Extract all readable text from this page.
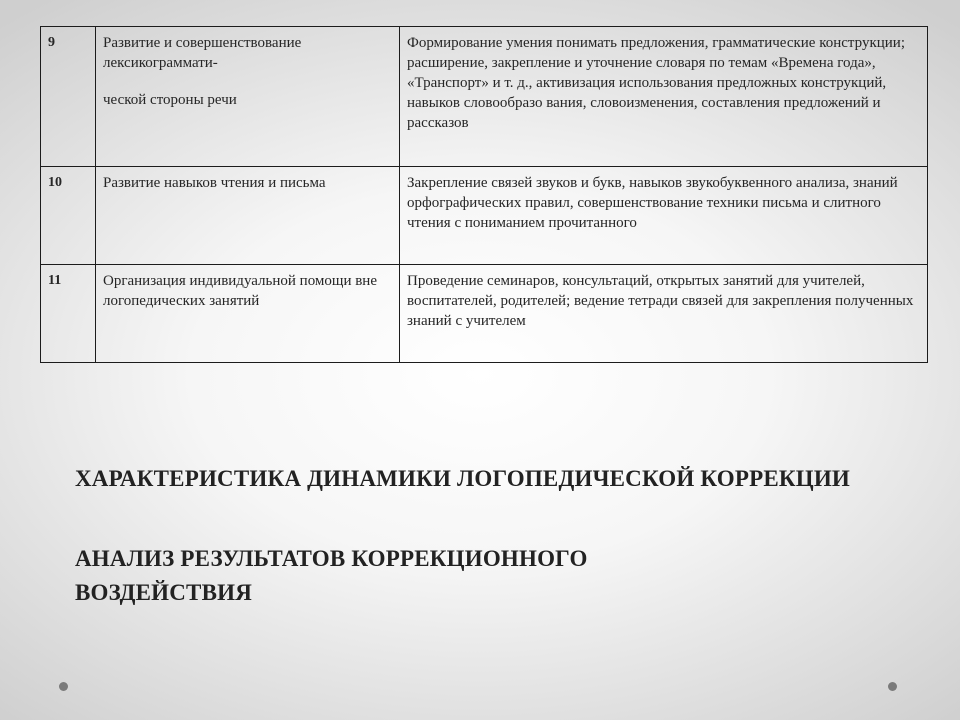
9	Развитие и совершенствование лексикограммати-
ческой стороны речи	Формирование умения понимать предложения, грамматические конструкции; расширение, закрепление и уточнение словаря по темам «Времена года», «Транспорт» и т. д., активизация использования предложных конструкций, навыков словообразо вания, словоизменения, составления предложений и рассказов
10	Развитие навыков чтения и письма	Закрепление связей звуков и букв, навыков звукобуквенного анализа, знаний орфографических правил, совершенствование техники письма и слитного чтения с пониманием прочитанного
11	Организация индивидуальной помощи вне логопедических занятий	Проведение семинаров, консультаций, открытых занятий для учителей, воспитателей, родителей; ведение тетради связей для закрепления полученных знаний с учителем
ХАРАКТЕРИСТИКА ДИНАМИКИ ЛОГОПЕДИЧЕСКОЙ КОРРЕКЦИИ
АНАЛИЗ РЕЗУЛЬТАТОВ КОРРЕКЦИОННОГО ВОЗДЕЙСТВИЯ
